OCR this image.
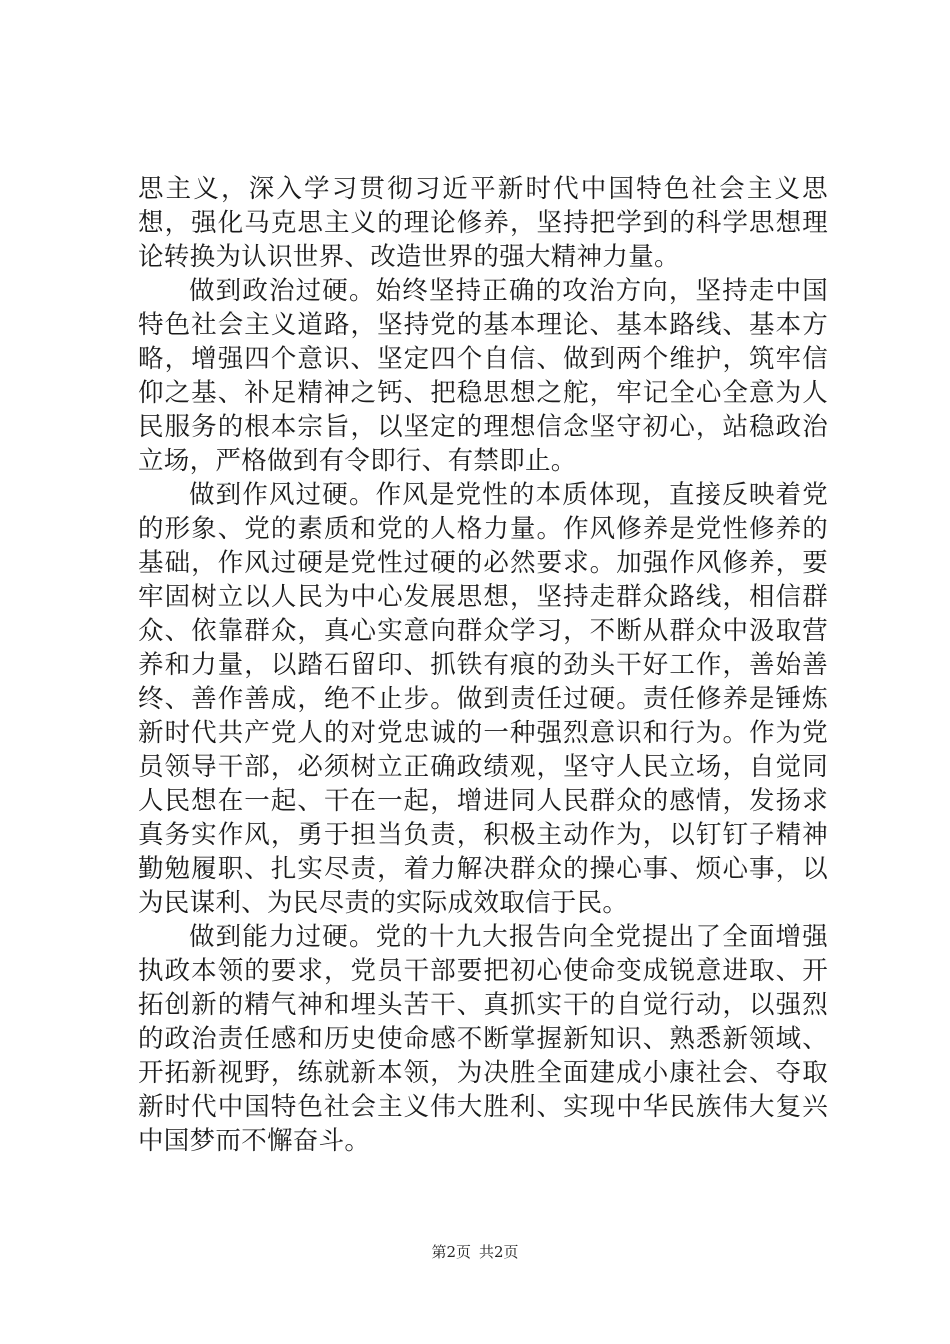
思主义，深入学习贯彻习近平新时代中国特色社会主义思想，强化马克思主义的理论修养，坚持把学到的科学思想理论转换为认识世界、改造世界的强大精神力量。

做到政治过硬。始终坚持正确的攻治方向，坚持走中国特色社会主义道路，坚持党的基本理论、基本路线、基本方略，增强四个意识、坚定四个自信、做到两个维护，筑牢信仰之基、补足精神之钙、把稳思想之舵，牢记全心全意为人民服务的根本宗旨，以坚定的理想信念坚守初心，站稳政治立场，严格做到有令即行、有禁即止。

做到作风过硬。作风是党性的本质体现，直接反映着党的形象、党的素质和党的人格力量。作风修养是党性修养的基础，作风过硬是党性过硬的必然要求。加强作风修养，要牢固树立以人民为中心发展思想，坚持走群众路线，相信群众、依靠群众，真心实意向群众学习，不断从群众中汲取营养和力量，以踏石留印、抓铁有痕的劲头干好工作，善始善终、善作善成，绝不止步。做到责任过硬。责任修养是锤炼新时代共产党人的对党忠诚的一种强烈意识和行为。作为党员领导干部，必须树立正确政绩观，坚守人民立场，自觉同人民想在一起、干在一起，增进同人民群众的感情，发扬求真务实作风，勇于担当负责，积极主动作为，以钉钉子精神勤勉履职、扎实尽责，着力解决群众的操心事、烦心事，以为民谋利、为民尽责的实际成效取信于民。

做到能力过硬。党的十九大报告向全党提出了全面增强执政本领的要求，党员干部要把初心使命变成锐意进取、开拓创新的精气神和埋头苦干、真抓实干的自觉行动，以强烈的政治责任感和历史使命感不断掌握新知识、熟悉新领域、开拓新视野，练就新本领，为决胜全面建成小康社会、夺取新时代中国特色社会主义伟大胜利、实现中华民族伟大复兴中国梦而不懈奋斗。

第2页 共2页
